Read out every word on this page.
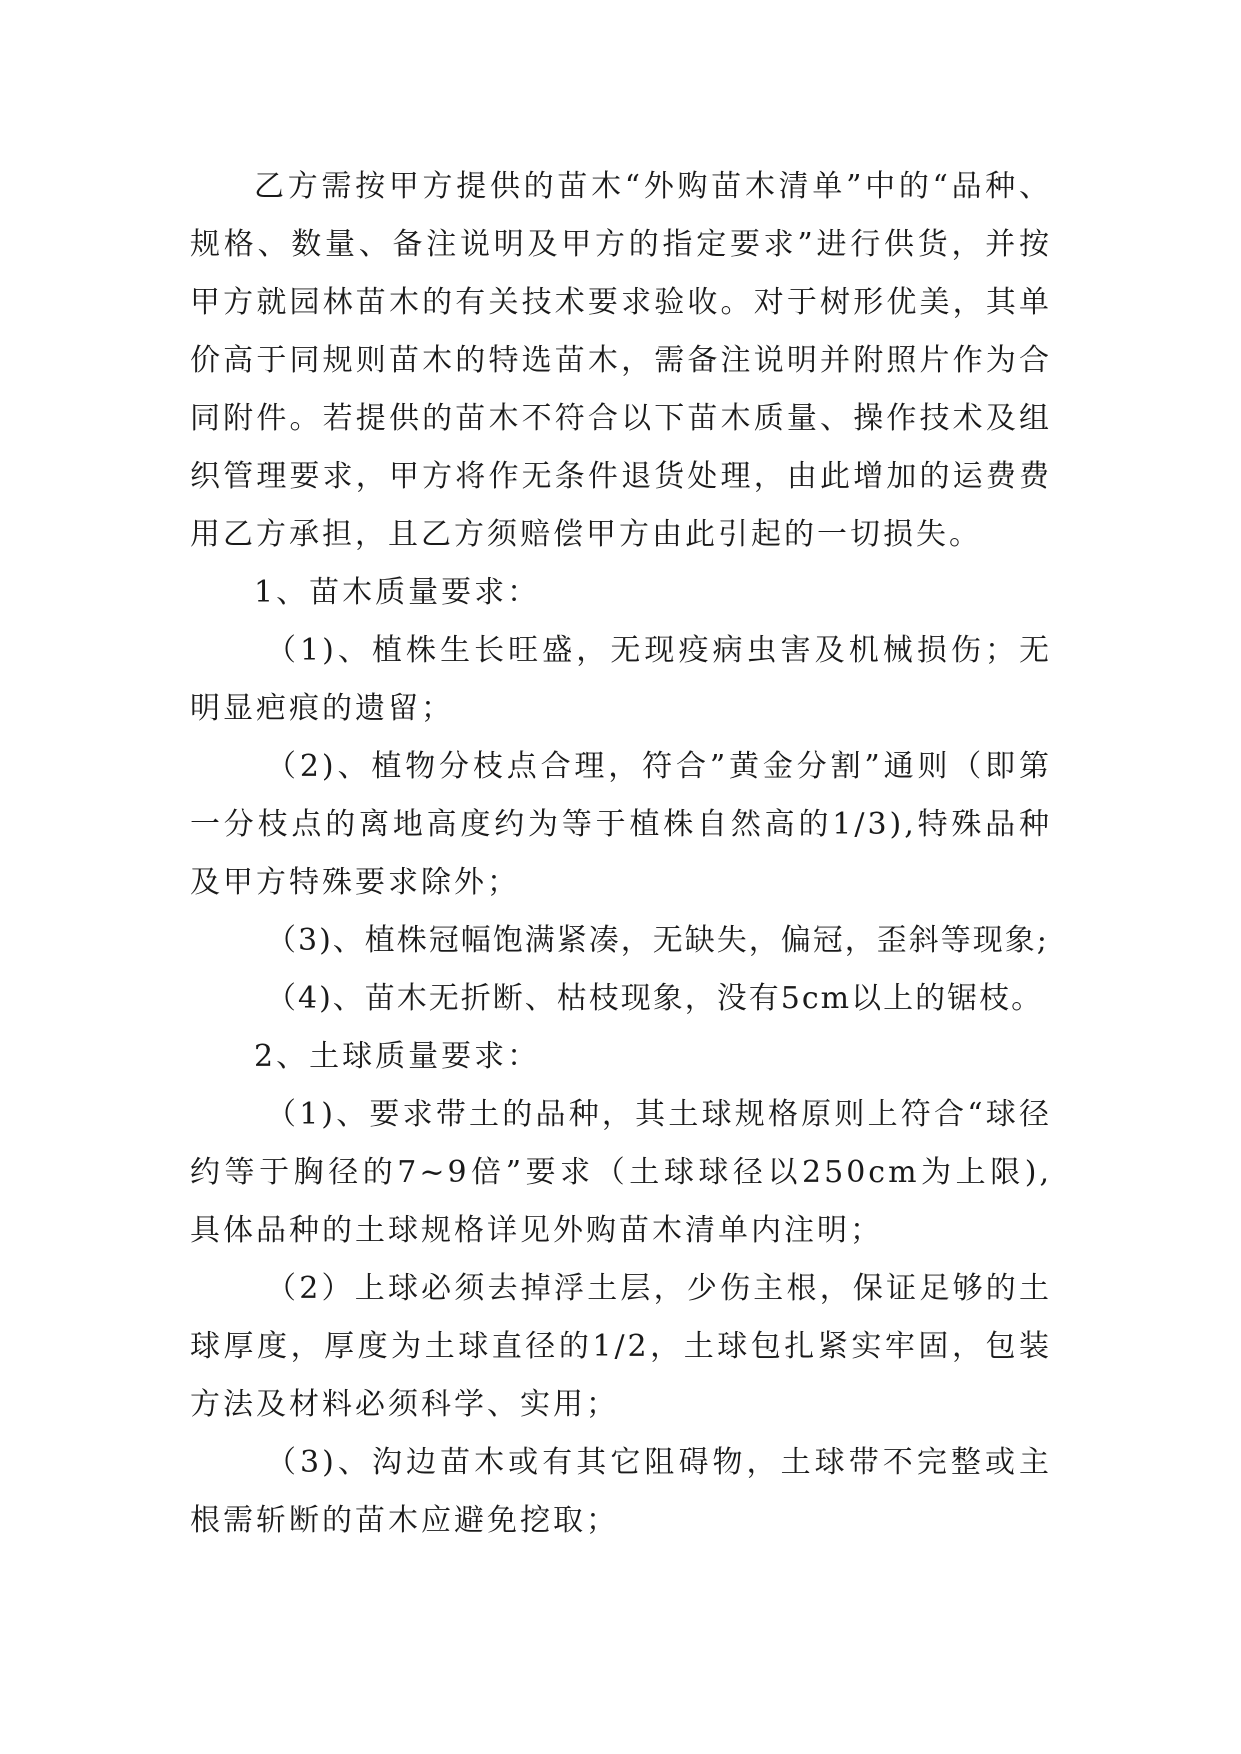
乙方需按甲方提供的苗木“外购苗木清单”中的“品种、规格、数量、备注说明及甲方的指定要求”进行供货，并按甲方就园林苗木的有关技术要求验收。对于树形优美，其单价高于同规则苗木的特选苗木，需备注说明并附照片作为合同附件。若提供的苗木不符合以下苗木质量、操作技术及组织管理要求，甲方将作无条件退货处理，由此增加的运费费用乙方承担，且乙方须赔偿甲方由此引起的一切损失。

1、苗木质量要求：

（1)、植株生长旺盛，无现疫病虫害及机械损伤；无明显疤痕的遗留；

（2)、植物分枝点合理，符合”黄金分割”通则（即第一分枝点的离地高度约为等于植株自然高的1/3),特殊品种及甲方特殊要求除外；

（3)、植株冠幅饱满紧凑，无缺失，偏冠，歪斜等现象;

（4)、苗木无折断、枯枝现象，没有5cm以上的锯枝。

2、土球质量要求：

（1)、要求带土的品种，其土球规格原则上符合“球径约等于胸径的7~9倍”要求（土球球径以250cm为上限),具体品种的土球规格详见外购苗木清单内注明；

（2）上球必须去掉浮土层，少伤主根，保证足够的土球厚度，厚度为土球直径的1/2，土球包扎紧实牢固，包装方法及材料必须科学、实用；

（3)、沟边苗木或有其它阻碍物，土球带不完整或主根需斩断的苗木应避免挖取；
